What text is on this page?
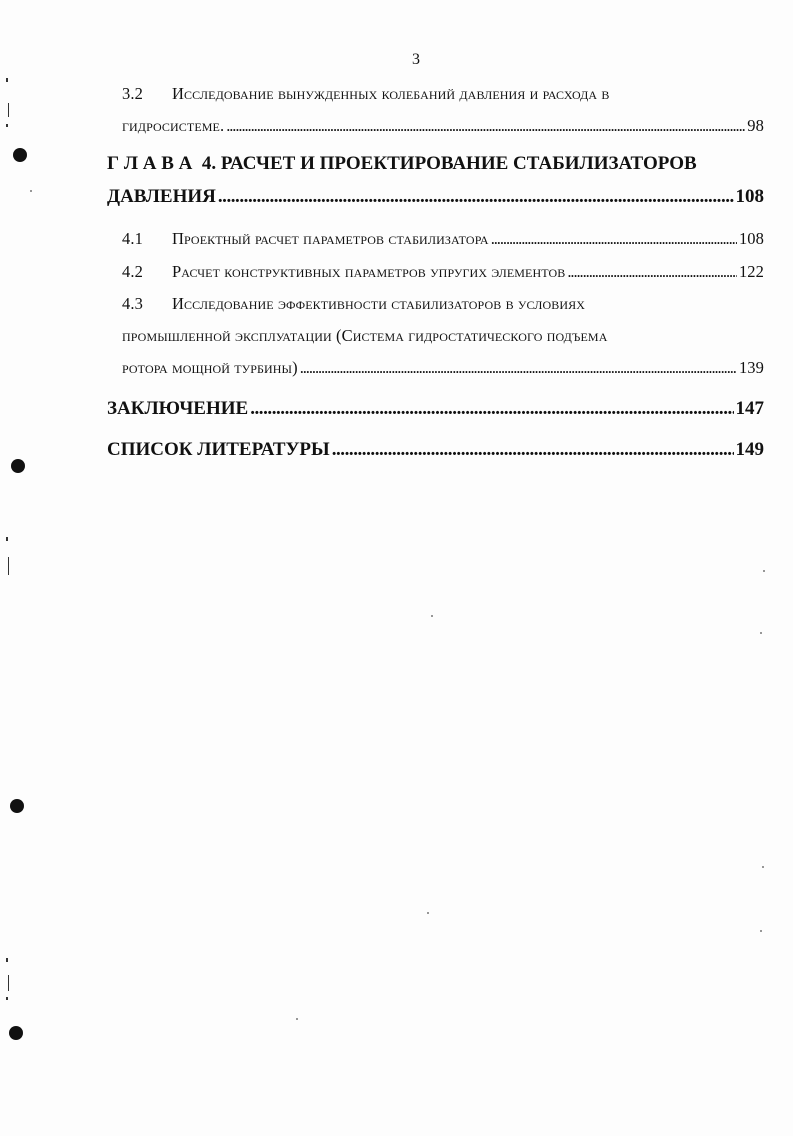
3
3.2	Исследование вынужденных колебаний давления и расхода в
гидросистеме. . . .	98
Г Л А В А  4. РАСЧЕТ И ПРОЕКТИРОВАНИЕ СТАБИЛИЗАТОРОВ
ДАВЛЕНИЯ . . .	108
4.1	Проектный расчет параметров стабилизатора . . .	108
4.2	Расчет конструктивных параметров упругих элементов . . .	122
4.3	Исследование эффективности стабилизаторов в условиях
промышленной эксплуатации (Система гидростатического подъема
ротора мощной турбины) . . .	139
ЗАКЛЮЧЕНИЕ . . .	147
СПИСОК ЛИТЕРАТУРЫ . . .	149
